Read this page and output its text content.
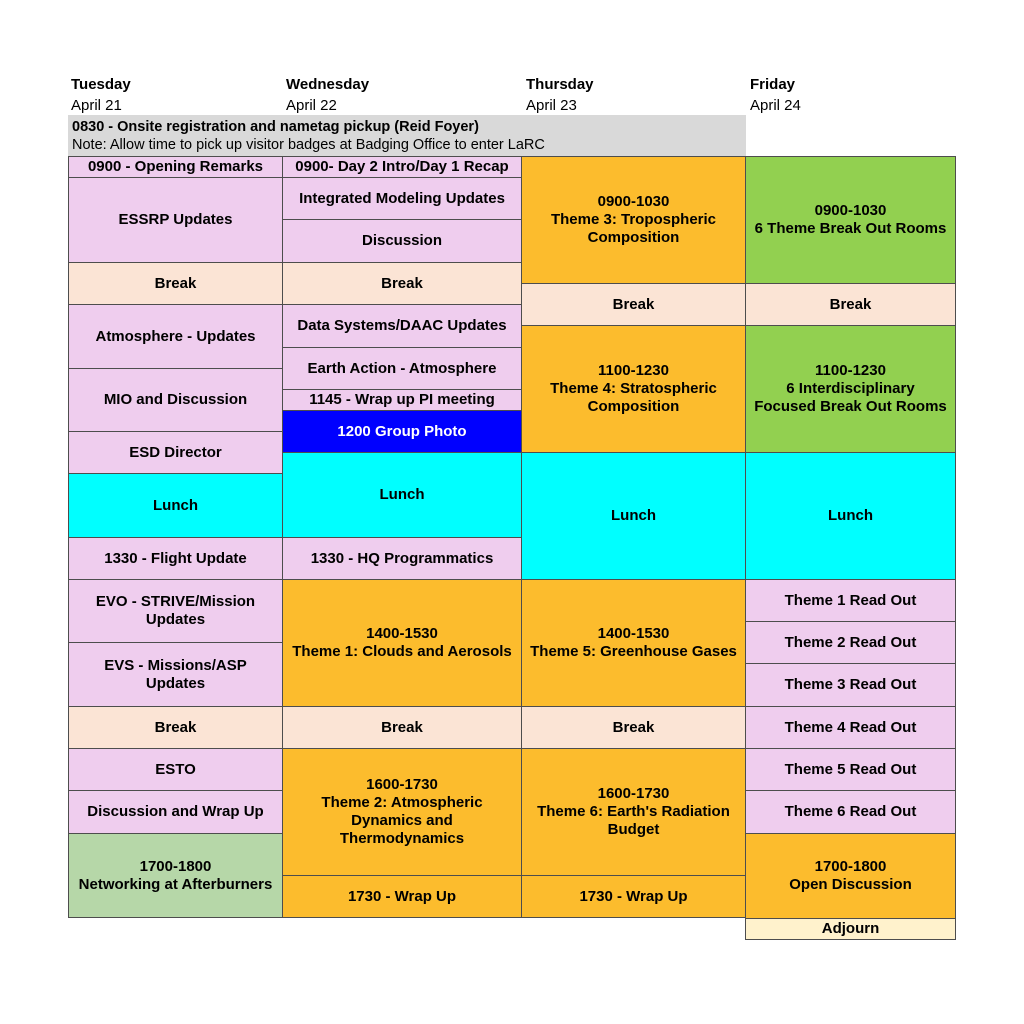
Tuesday
April 21
Wednesday
April 22
Thursday
April 23
Friday
April 24
0830 - Onsite registration and nametag pickup (Reid Foyer)
Note: Allow time to pick up visitor badges at Badging Office to enter LaRC
0900 - Opening Remarks
ESSRP Updates
Break
Atmosphere - Updates
MIO and Discussion
ESD Director
Lunch
1330 - Flight Update
EVO - STRIVE/Mission
Updates
EVS - Missions/ASP
Updates
Break
ESTO
Discussion and Wrap Up
1700-1800
Networking at Afterburners
0900- Day 2 Intro/Day 1 Recap
Integrated Modeling Updates
Discussion
Break
Data Systems/DAAC Updates
Earth Action - Atmosphere
1145 - Wrap up PI meeting
1200 Group Photo
Lunch
1330 - HQ Programmatics
1400-1530
Theme 1: Clouds and Aerosols
Break
1600-1730
Theme 2: Atmospheric
Dynamics and
Thermodynamics
1730 - Wrap Up
0900-1030
Theme 3: Tropospheric
Composition
Break
1100-1230
Theme 4: Stratospheric
Composition
Lunch
1400-1530
Theme 5: Greenhouse Gases
Break
1600-1730
Theme 6: Earth's Radiation
Budget
1730 - Wrap Up
0900-1030
6 Theme Break Out Rooms
Break
1100-1230
6 Interdisciplinary
Focused Break Out Rooms
Lunch
Theme 1 Read Out
Theme 2 Read Out
Theme 3 Read Out
Theme 4 Read Out
Theme 5 Read Out
Theme 6 Read Out
1700-1800
Open Discussion
Adjourn
